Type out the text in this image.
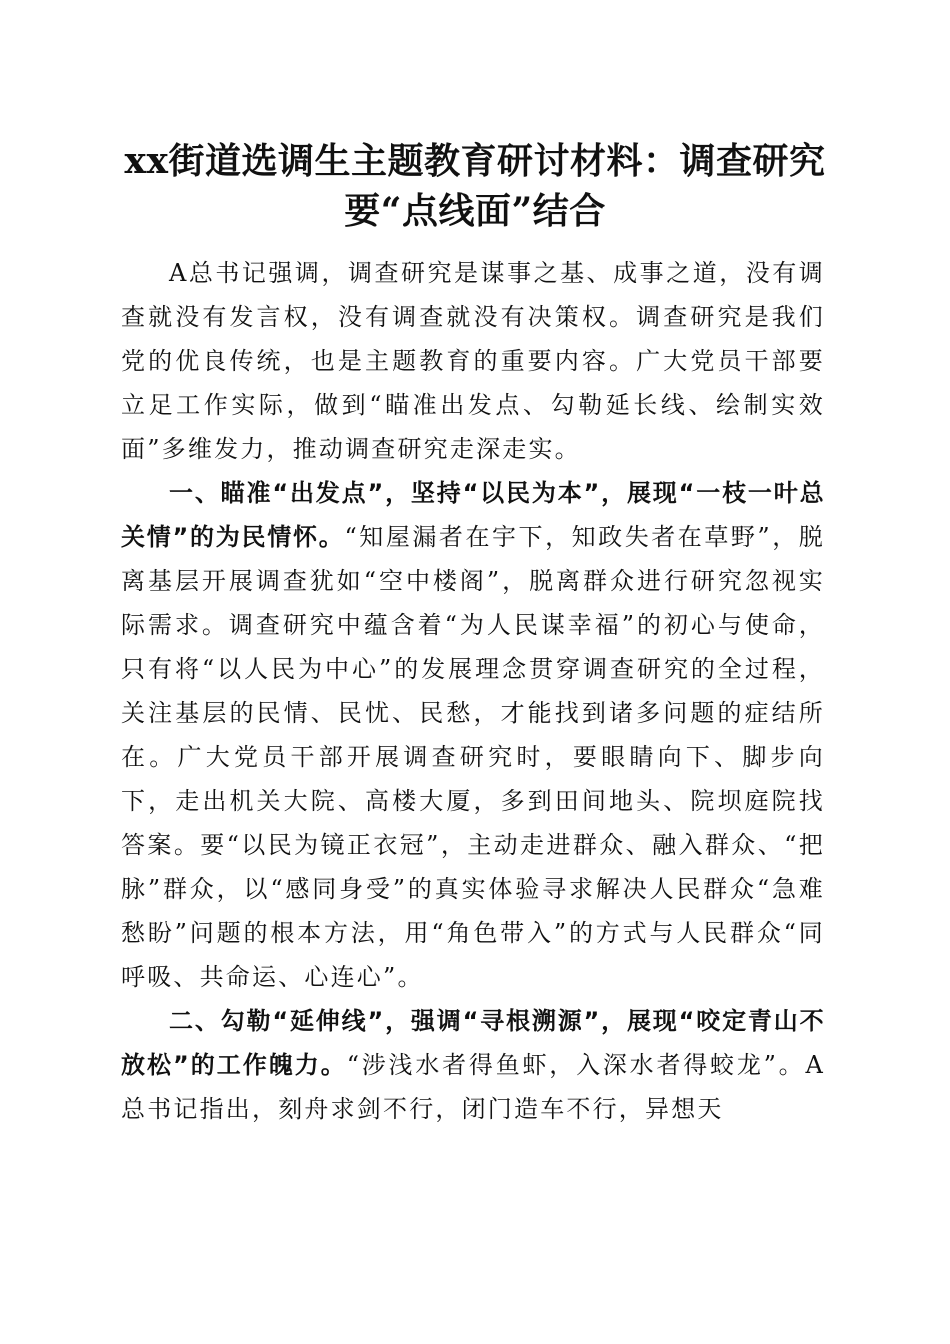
xx街道选调生主题教育研讨材料：调查研究
要“点线面”结合

A总书记强调，调查研究是谋事之基、成事之道，没有调查就没有发言权，没有调查就没有决策权。调查研究是我们党的优良传统，也是主题教育的重要内容。广大党员干部要立足工作实际，做到“瞄准出发点、勾勒延长线、绘制实效面”多维发力，推动调查研究走深走实。

一、瞄准“出发点”，坚持“以民为本”，展现“一枝一叶总关情”的为民情怀。“知屋漏者在宇下，知政失者在草野”，脱离基层开展调查犹如“空中楼阁”，脱离群众进行研究忽视实际需求。调查研究中蕴含着“为人民谋幸福”的初心与使命，只有将“以人民为中心”的发展理念贯穿调查研究的全过程，关注基层的民情、民忧、民愁，才能找到诸多问题的症结所在。广大党员干部开展调查研究时，要眼睛向下、脚步向下，走出机关大院、高楼大厦，多到田间地头、院坝庭院找答案。要“以民为镜正衣冠”，主动走进群众、融入群众、“把脉”群众，以“感同身受”的真实体验寻求解决人民群众“急难愁盼”问题的根本方法，用“角色带入”的方式与人民群众“同呼吸、共命运、心连心”。

二、勾勒“延伸线”，强调“寻根溯源”，展现“咬定青山不放松”的工作魄力。“涉浅水者得鱼虾，入深水者得蛟龙”。A总书记指出，刻舟求剑不行，闭门造车不行，异想天
